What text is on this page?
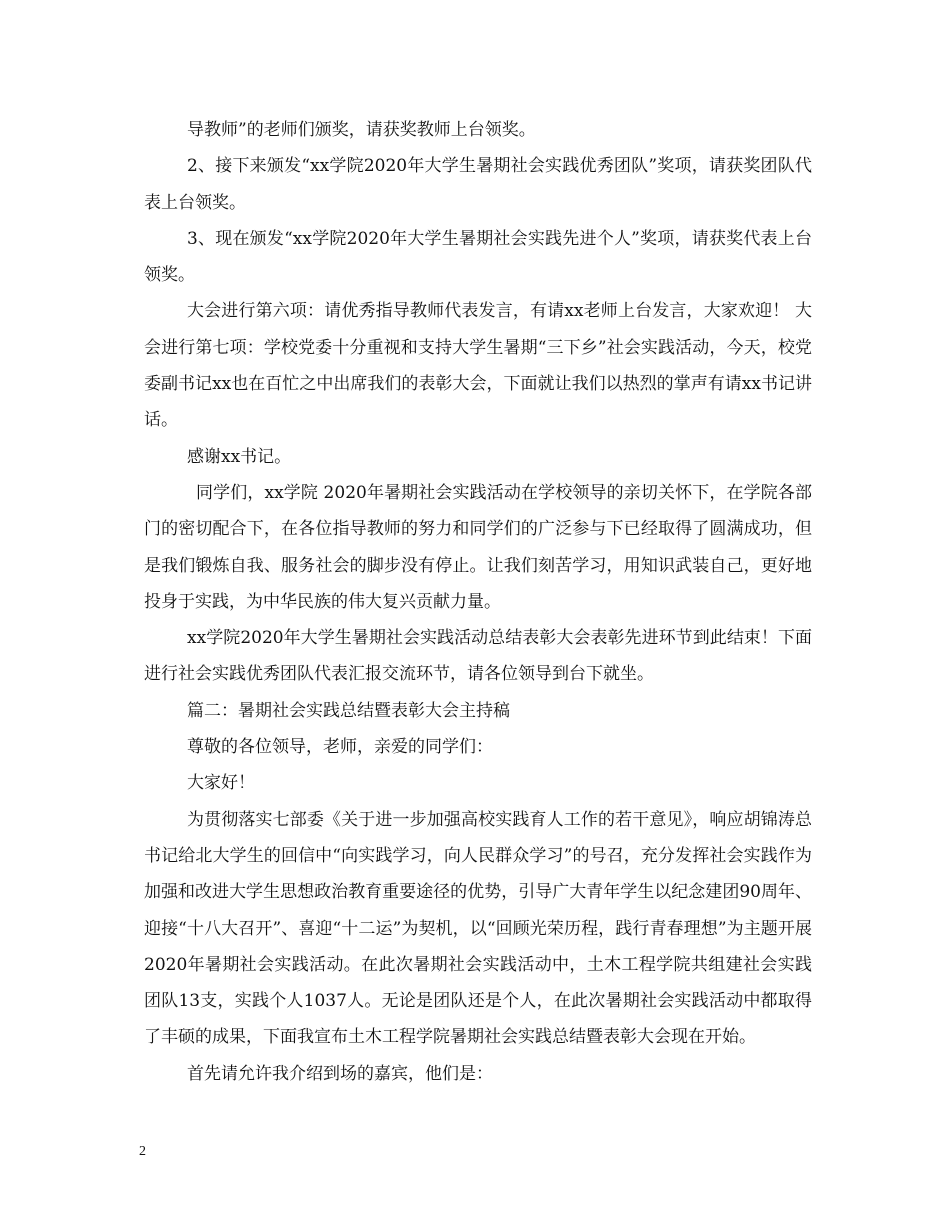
导教师”的老师们颁奖，请获奖教师上台领奖。

2、接下来颁发“xx学院2020年大学生暑期社会实践优秀团队”奖项，请获奖团队代表上台领奖。

3、现在颁发“xx学院2020年大学生暑期社会实践先进个人”奖项，请获奖代表上台领奖。

大会进行第六项：请优秀指导教师代表发言，有请xx老师上台发言，大家欢迎！ 大会进行第七项：学校党委十分重视和支持大学生暑期“三下乡”社会实践活动，今天，校党委副书记xx也在百忙之中出席我们的表彰大会，下面就让我们以热烈的掌声有请xx书记讲话。

感谢xx书记。

同学们，xx学院 2020年暑期社会实践活动在学校领导的亲切关怀下，在学院各部门的密切配合下，在各位指导教师的努力和同学们的广泛参与下已经取得了圆满成功，但是我们锻炼自我、服务社会的脚步没有停止。让我们刻苦学习，用知识武装自己，更好地投身于实践，为中华民族的伟大复兴贡献力量。

xx学院2020年大学生暑期社会实践活动总结表彰大会表彰先进环节到此结束！下面进行社会实践优秀团队代表汇报交流环节，请各位领导到台下就坐。

篇二：暑期社会实践总结暨表彰大会主持稿

尊敬的各位领导，老师，亲爱的同学们：

大家好！

为贯彻落实七部委《关于进一步加强高校实践育人工作的若干意见》，响应胡锦涛总书记给北大学生的回信中“向实践学习，向人民群众学习”的号召，充分发挥社会实践作为加强和改进大学生思想政治教育重要途径的优势，引导广大青年学生以纪念建团90周年、迎接“十八大召开”、喜迎“十二运”为契机，以“回顾光荣历程，践行青春理想”为主题开展2020年暑期社会实践活动。在此次暑期社会实践活动中，土木工程学院共组建社会实践团队13支，实践个人1037人。无论是团队还是个人，在此次暑期社会实践活动中都取得了丰硕的成果，下面我宣布土木工程学院暑期社会实践总结暨表彰大会现在开始。

首先请允许我介绍到场的嘉宾，他们是：

2
